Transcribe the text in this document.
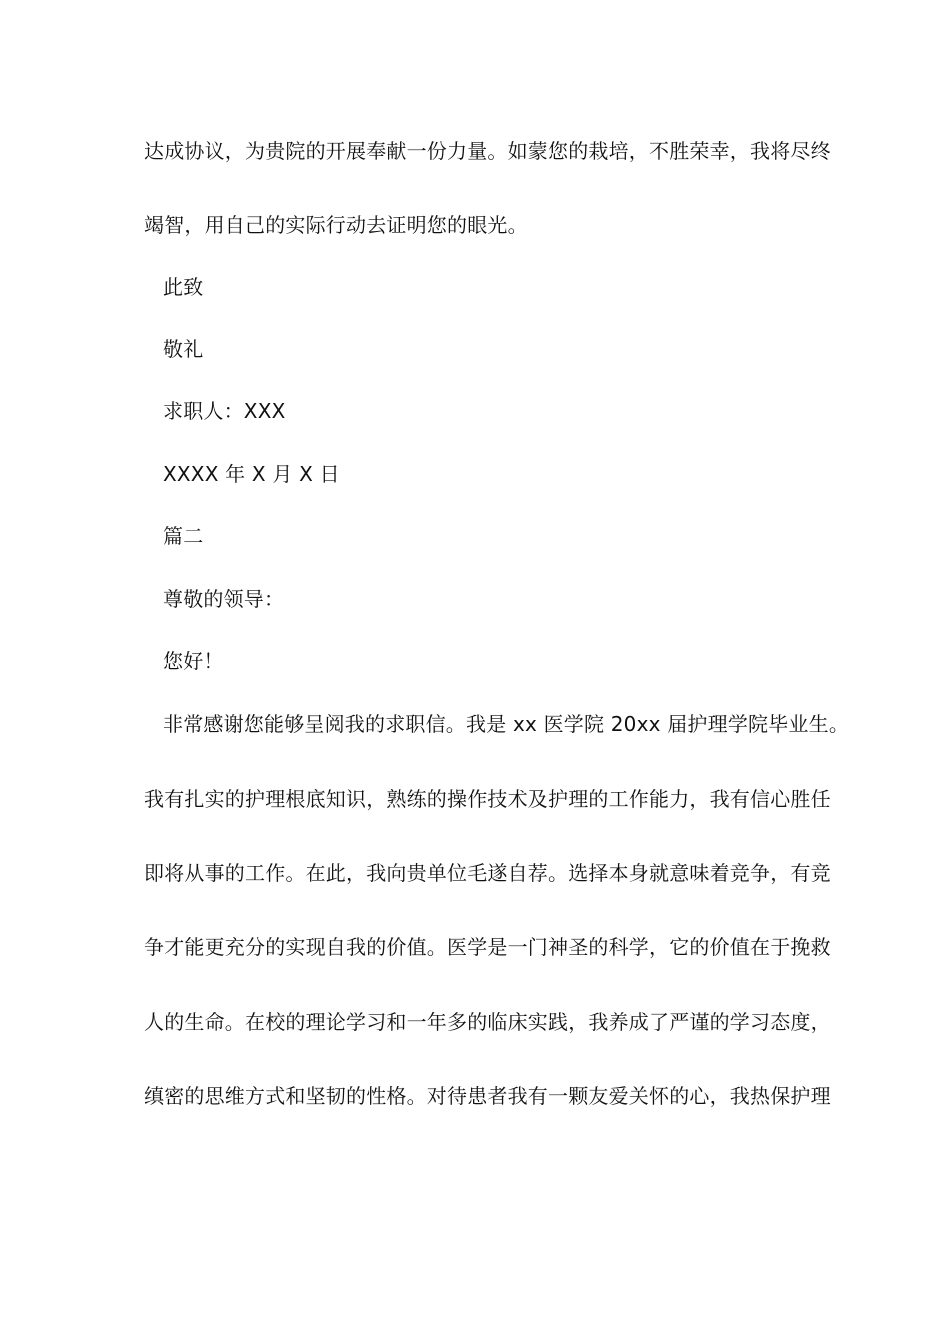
达成协议，为贵院的开展奉献一份力量。如蒙您的栽培，不胜荣幸，我将尽终
竭智，用自己的实际行动去证明您的眼光。
此致
敬礼
求职人：XXX
XXXX 年 X 月 X 日
篇二
尊敬的领导：
您好！
非常感谢您能够呈阅我的求职信。我是 xx 医学院 20xx 届护理学院毕业生。
我有扎实的护理根底知识，熟练的操作技术及护理的工作能力，我有信心胜任
即将从事的工作。在此，我向贵单位毛遂自荐。选择本身就意味着竞争，有竞
争才能更充分的实现自我的价值。医学是一门神圣的科学，它的价值在于挽救
人的生命。在校的理论学习和一年多的临床实践，我养成了严谨的学习态度，
缜密的思维方式和坚韧的性格。对待患者我有一颗友爱关怀的心，我热保护理
